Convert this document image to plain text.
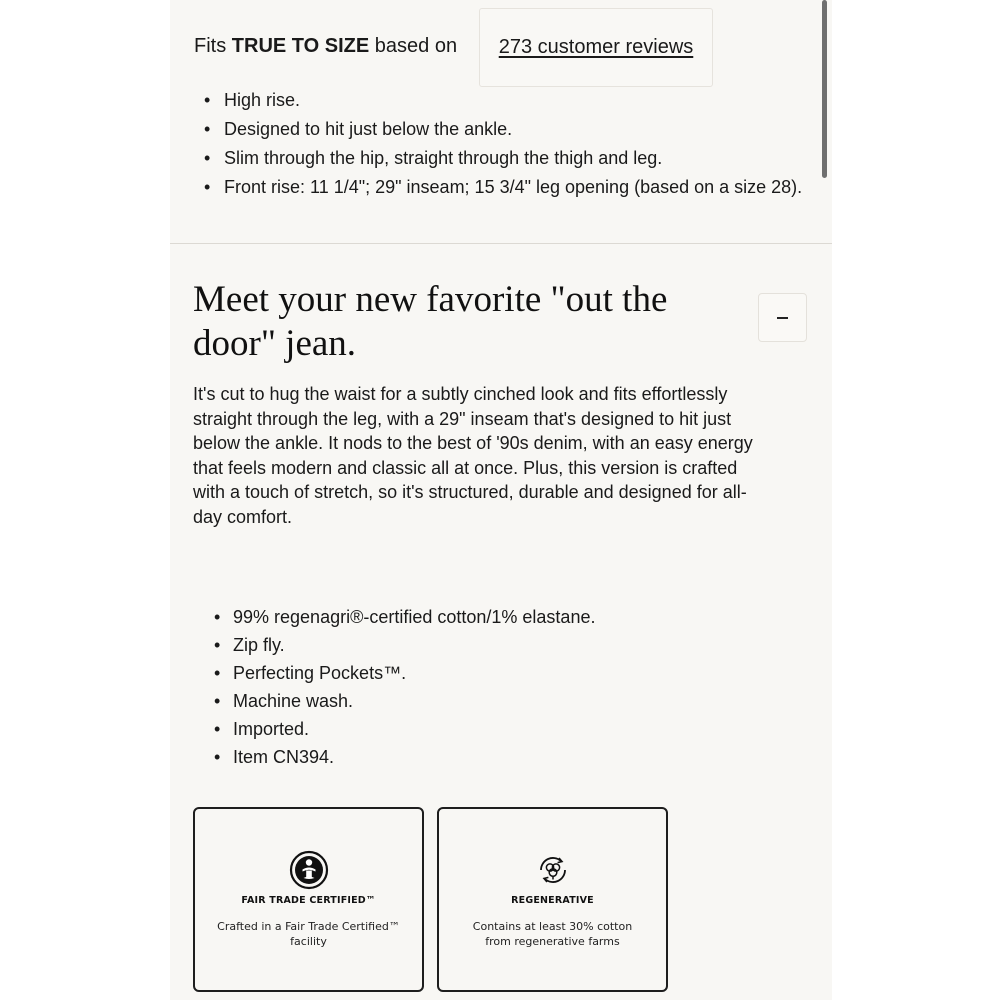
Fits TRUE TO SIZE based on 273 customer reviews
• High rise.
• Designed to hit just below the ankle.
• Slim through the hip, straight through the thigh and leg.
• Front rise: 11 1/4"; 29" inseam; 15 3/4" leg opening (based on a size 28).
Meet your new favorite "out the door" jean.

It's cut to hug the waist for a subtly cinched look and fits effortlessly straight through the leg, with a 29" inseam that's designed to hit just below the ankle. It nods to the best of '90s denim, with an easy energy that feels modern and classic all at once. Plus, this version is crafted with a touch of stretch, so it's structured, durable and designed for all-day comfort.

• 99% regenagri®-certified cotton/1% elastane.
• Zip fly.
• Perfecting Pockets™.
• Machine wash.
• Imported.
• Item CN394.
FAIR TRADE CERTIFIED™
Crafted in a Fair Trade Certified™ facility
REGENERATIVE
Contains at least 30% cotton from regenerative farms
